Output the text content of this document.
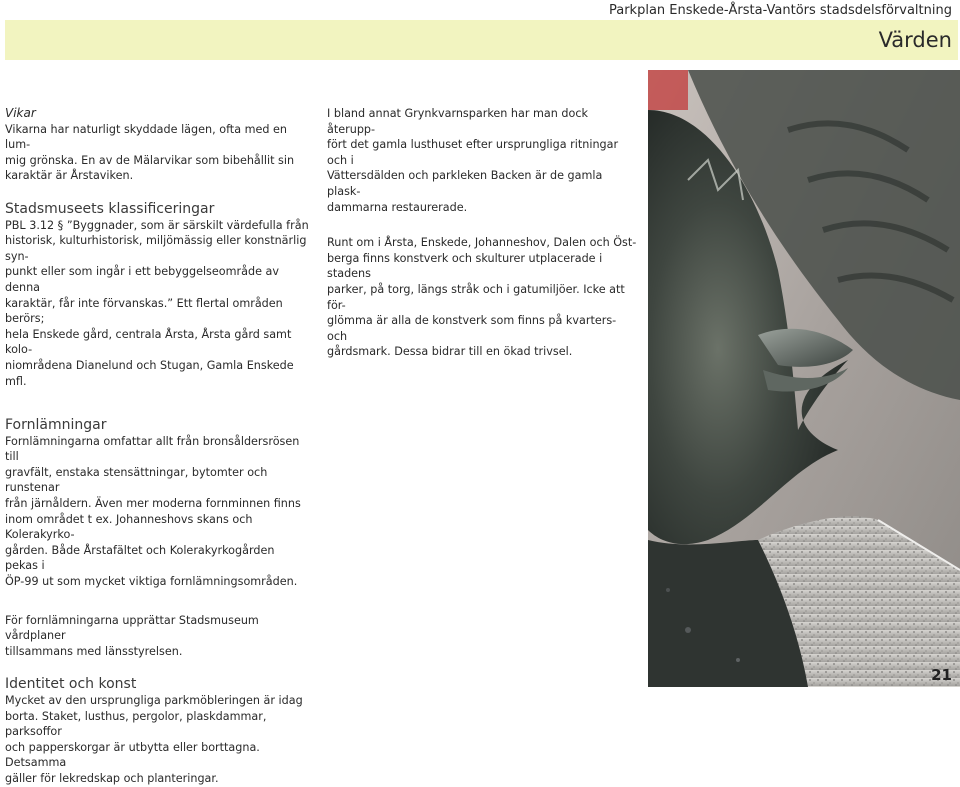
Parkplan Enskede-Årsta-Vantörs stadsdelsförvaltning
Värden
Vikar

Vikarna har naturligt skyddade lägen, ofta med en lum-

mig grönska. En av de Mälarvikar som bibehållit sin

karaktär är Årstaviken.

Stadsmuseets klassificeringar

PBL 3.12 § ”Byggnader, som är särskilt värdefulla från

historisk, kulturhistorisk, miljömässig eller konstnärlig syn-

punkt eller som ingår i ett bebyggelseområde av denna

karaktär, får inte förvanskas.” Ett flertal områden berörs;

hela Enskede gård, centrala Årsta, Årsta gård samt kolo-

niområdena Dianelund och Stugan, Gamla Enskede mfl.

Fornlämningar

Fornlämningarna omfattar allt från bronsåldersrösen till

gravfält, enstaka stensättningar, bytomter och runstenar

från järnåldern. Även mer moderna fornminnen finns

inom området t ex. Johanneshovs skans och Kolerakyrko-

gården. Både Årstafältet och Kolerakyrkogården pekas i

ÖP-99 ut som mycket viktiga fornlämningsområden.

För fornlämningarna upprättar Stadsmuseum vårdplaner

tillsammans med länsstyrelsen.

Identitet och konst

Mycket av den ursprungliga parkmöbleringen är idag

borta. Staket, lusthus, pergolor, plaskdammar, parksoffor

och papperskorgar är utbytta eller borttagna. Detsamma

gäller för lekredskap och planteringar.

I bland annat Grynkvarnsparken har man dock återupp-

fört det gamla lusthuset efter ursprungliga ritningar och i

Vättersdälden och parkleken Backen är de gamla plask-

dammarna restaurerade.

Runt om i Årsta, Enskede, Johanneshov, Dalen och Öst-

berga finns konstverk och skulturer utplacerade i stadens

parker, på torg, längs stråk och i gatumiljöer. Icke att för-

glömma är alla de konstverk som finns på kvarters- och

gårdsmark. Dessa bidrar till en ökad trivsel.

21
